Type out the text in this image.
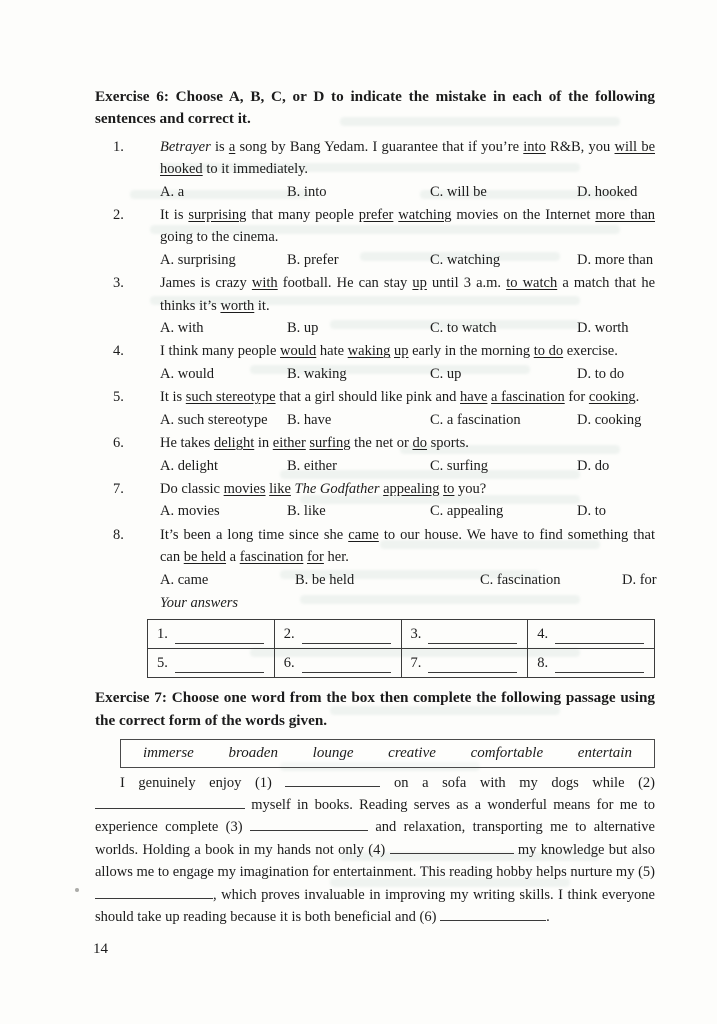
Exercise 6: Choose A, B, C, or D to indicate the mistake in each of the following sentences and correct it.
1. Betrayer is a song by Bang Yedam. I guarantee that if you’re into R&B, you will be hooked to it immediately.
A. a	B. into	C. will be	D. hooked
2. It is surprising that many people prefer watching movies on the Internet more than going to the cinema.
A. surprising	B. prefer	C. watching	D. more than
3. James is crazy with football. He can stay up until 3 a.m. to watch a match that he thinks it’s worth it.
A. with	B. up	C. to watch	D. worth
4. I think many people would hate waking up early in the morning to do exercise.
A. would	B. waking	C. up	D. to do
5. It is such stereotype that a girl should like pink and have a fascination for cooking.
A. such stereotype	B. have	C. a fascination	D. cooking
6. He takes delight in either surfing the net or do sports.
A. delight	B. either	C. surfing	D. do
7. Do classic movies like The Godfather appealing to you?
A. movies	B. like	C. appealing	D. to
8. It’s been a long time since she came to our house. We have to find something that can be held a fascination for her.
A. came	B. be held	C. fascination	D. for
Your answers
1.	2.	3.	4.

5.	6.	7.	8.
Exercise 7: Choose one word from the box then complete the following passage using the correct form of the words given.
immerse broaden lounge creative comfortable entertain

I genuinely enjoy (1)	on a sofa with my dogs while (2)  myself in books. Reading serves as a wonderful means for me to experience complete (3)	and relaxation, transporting me to alternative worlds. Holding a book in my hands not only (4)	my knowledge but also allows me to engage my imagination for entertainment. This reading hobby helps nurture my (5) , which proves invaluable in improving my writing skills. I think everyone should take up reading because it is both beneficial and (6)	.

14
